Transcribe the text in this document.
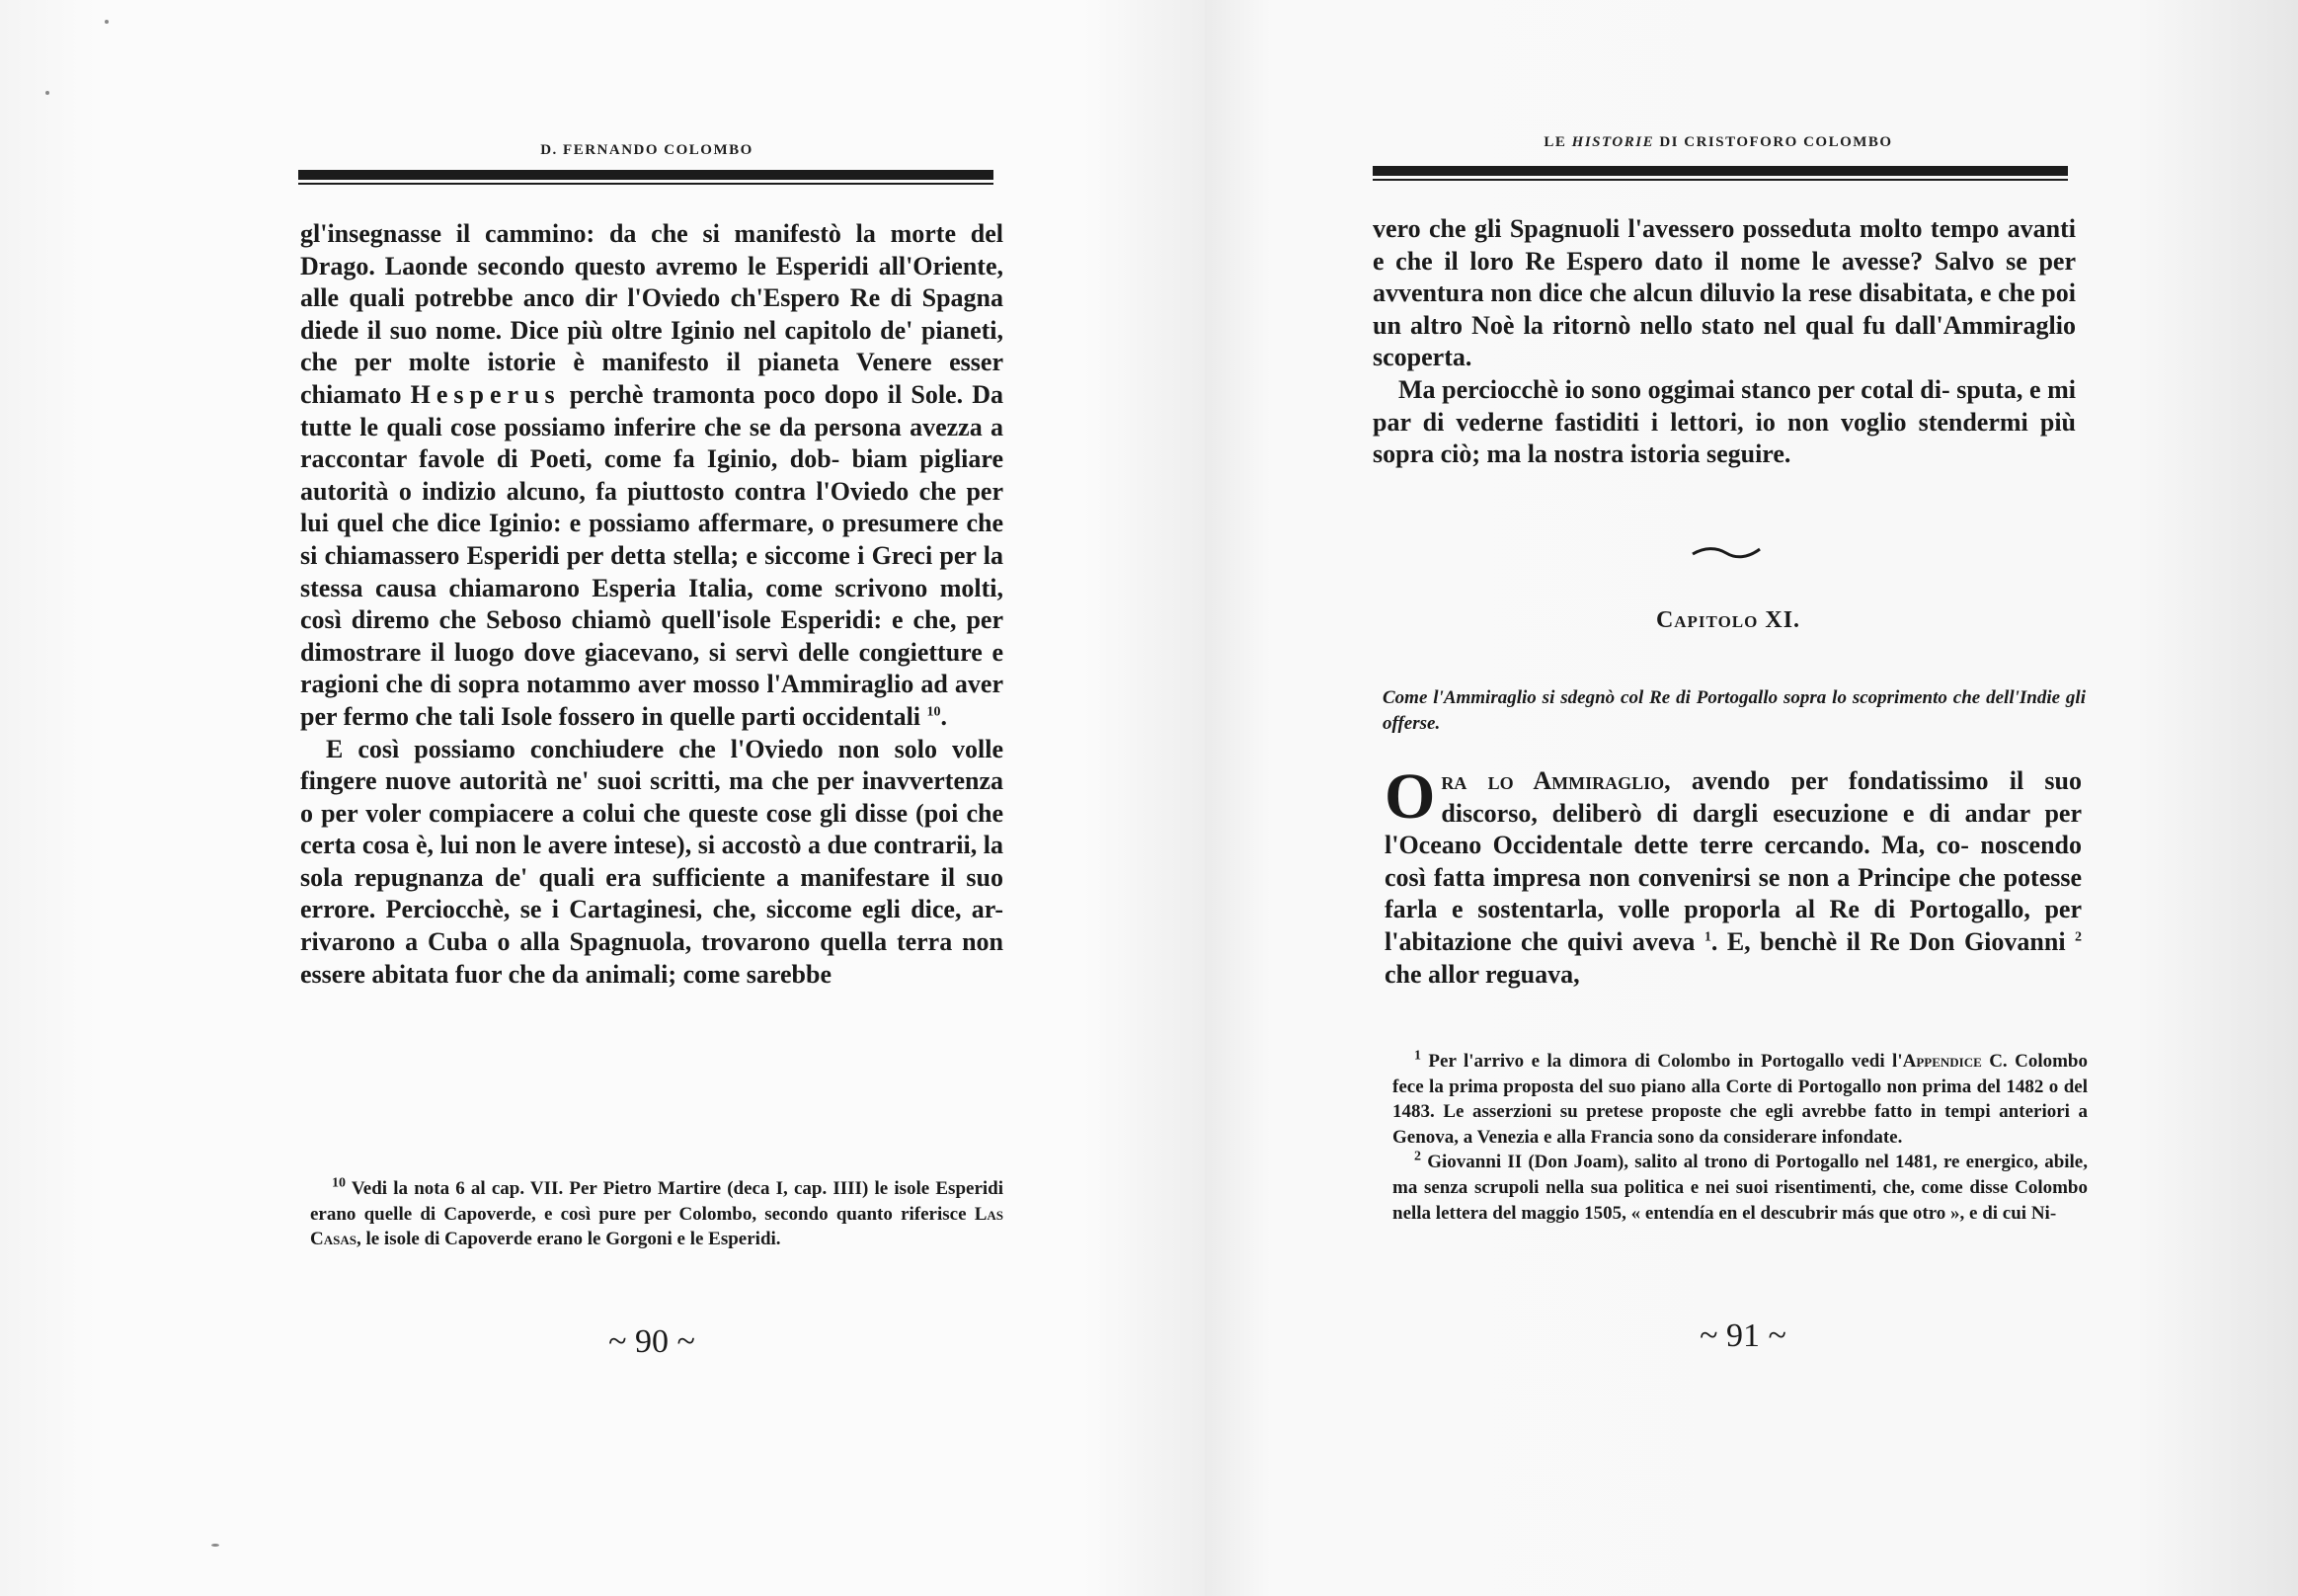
D. FERNANDO COLOMBO

gl'insegnasse il cammino: da che si manifestò la morte del Drago. Laonde secondo questo avremo le Esperidi all'Oriente, alle quali potrebbe anco dir l'Oviedo ch'Espero Re di Spagna diede il suo nome. Dice più oltre Iginio nel capitolo de' pianeti, che per molte istorie è manifesto il pianeta Venere esser chiamato Hesperus perchè tramonta poco dopo il Sole. Da tutte le quali cose possiamo inferire che se da persona avezza a raccontar favole di Poeti, come fa Iginio, dob- biam pigliare autorità o indizio alcuno, fa piuttosto contra l'Oviedo che per lui quel che dice Iginio: e possiamo affermare, o presumere che si chiamassero Esperidi per detta stella; e siccome i Greci per la stessa causa chiamarono Esperia Italia, come scrivono molti, così diremo che Seboso chiamò quell'isole Esperidi: e che, per dimostrare il luogo dove giacevano, si servì delle congietture e ragioni che di sopra notammo aver mosso l'Ammiraglio ad aver per fermo che tali Isole fossero in quelle parti occidentali $^{10}$.

E così possiamo conchiudere che l'Oviedo non solo volle fingere nuove autorità ne' suoi scritti, ma che per inavvertenza o per voler compiacere a colui che queste cose gli disse (poi che certa cosa è, lui non le avere intese), si accostò a due contrarii, la sola repugnanza de' quali era sufficiente a manifestare il suo errore. Perciocchè, se i Cartaginesi, che, siccome egli dice, ar- rivarono a Cuba o alla Spagnuola, trovarono quella terra non essere abitata fuor che da animali; come sarebbe

$^{10}$ Vedi la nota 6 al cap. VII. Per Pietro Martire (deca I, cap. IIII) le isole Esperidi erano quelle di Capoverde, e così pure per Colombo, secondo quanto riferisce Las Casas, le isole di Capoverde erano le Gorgoni e le Esperidi.

~ 90 ~
LE HISTORIE DI CRISTOFORO COLOMBO

vero che gli Spagnuoli l'avessero posseduta molto tempo avanti e che il loro Re Espero dato il nome le avesse? Salvo se per avventura non dice che alcun diluvio la rese disabitata, e che poi un altro Noè la ritornò nello stato nel qual fu dall'Ammiraglio scoperta.

Ma perciocchè io sono oggimai stanco per cotal di- sputa, e mi par di vederne fastiditi i lettori, io non voglio stendermi più sopra ciò; ma la nostra istoria seguire.

Capitolo XI.
Come l'Ammiraglio si sdegnò col Re di Portogallo sopra lo scoprimento che dell'Indie gli offerse.

Ora lo Ammiraglio, avendo per fondatissimo il suo discorso, deliberò di dargli esecuzione e di andar per l'Oceano Occidentale dette terre cercando. Ma, co- noscendo così fatta impresa non convenirsi se non a Principe che potesse farla e sostentarla, volle proporla al Re di Portogallo, per l'abitazione che quivi aveva $^1$. E, benchè il Re Don Giovanni $^2$ che allor reguava,

$^1$ Per l'arrivo e la dimora di Colombo in Portogallo vedi l'Appendice C. Colombo fece la prima proposta del suo piano alla Corte di Portogallo non prima del 1482 o del 1483. Le asserzioni su pretese proposte che egli avrebbe fatto in tempi anteriori a Genova, a Venezia e alla Francia sono da considerare infondate.

$^2$ Giovanni II (Don Joam), salito al trono di Portogallo nel 1481, re energico, abile, ma senza scrupoli nella sua politica e nei suoi risentimenti, che, come disse Colombo nella lettera del maggio 1505, « entendía en el descubrir más que otro », e di cui Ni-

~ 91 ~
